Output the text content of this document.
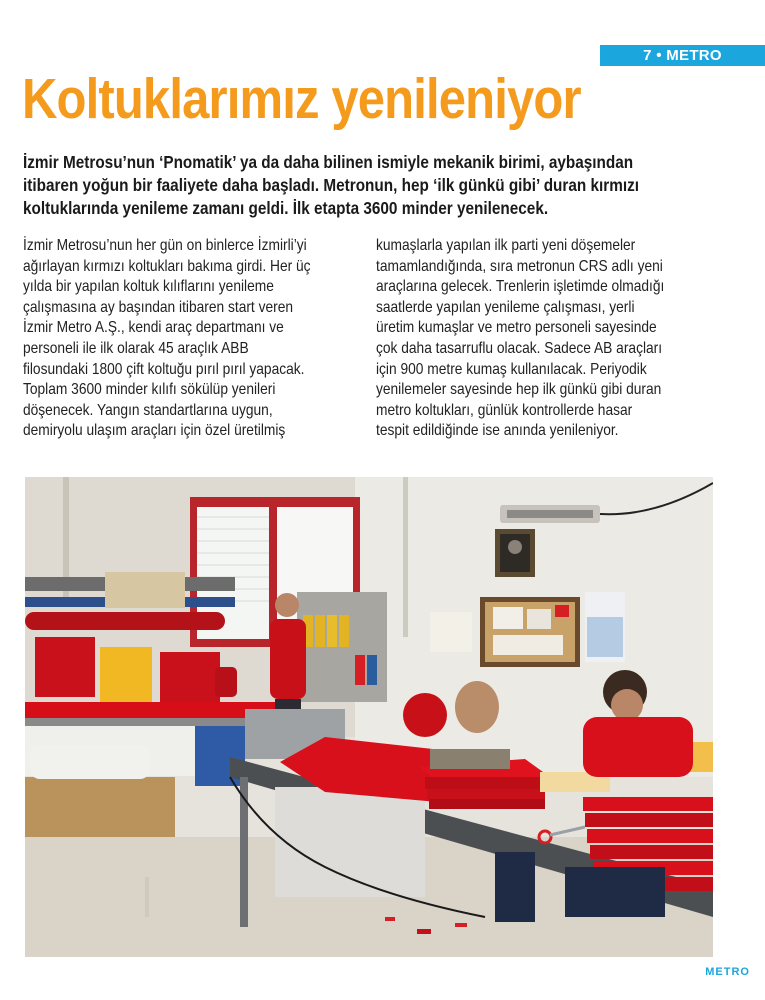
7 • METRO
Koltuklarımız yenileniyor

İzmir Metrosu’nun ‘Pnomatik’ ya da daha bilinen ismiyle mekanik birimi, aybaşından

itibaren yoğun bir faaliyete daha başladı. Metronun, hep ‘ilk günkü gibi’ duran kırmızı

koltuklarında yenileme zamanı geldi. İlk etapta 3600 minder yenilenecek.

İzmir Metrosu’nun her gün on binlerce İzmirli’yi

ağırlayan kırmızı koltukları bakıma girdi. Her üç

yılda bir yapılan koltuk kılıflarını yenileme

çalışmasına ay başından itibaren start veren

İzmir Metro A.Ş., kendi araç departmanı ve

personeli ile ilk olarak 45 araçlık ABB

filosundaki 1800 çift koltuğu pırıl pırıl yapacak.

Toplam 3600 minder kılıfı sökülüp yenileri

döşenecek. Yangın standartlarına uygun,

demiryolu ulaşım araçları için özel üretilmiş

kumaşlarla yapılan ilk parti yeni döşemeler

tamamlandığında, sıra metronun CRS adlı yeni

araçlarına gelecek. Trenlerin işletimde olmadığı

saatlerde yapılan yenileme çalışması, yerli

üretim kumaşlar ve metro personeli sayesinde

çok daha tasarruflu olacak. Sadece AB araçları

için 900 metre kumaş kullanılacak. Periyodik

yenilemeler sayesinde hep ilk günkü gibi duran

metro koltukları, günlük kontrollerde hasar

tespit edildiğinde ise anında yenileniyor.

METRO
